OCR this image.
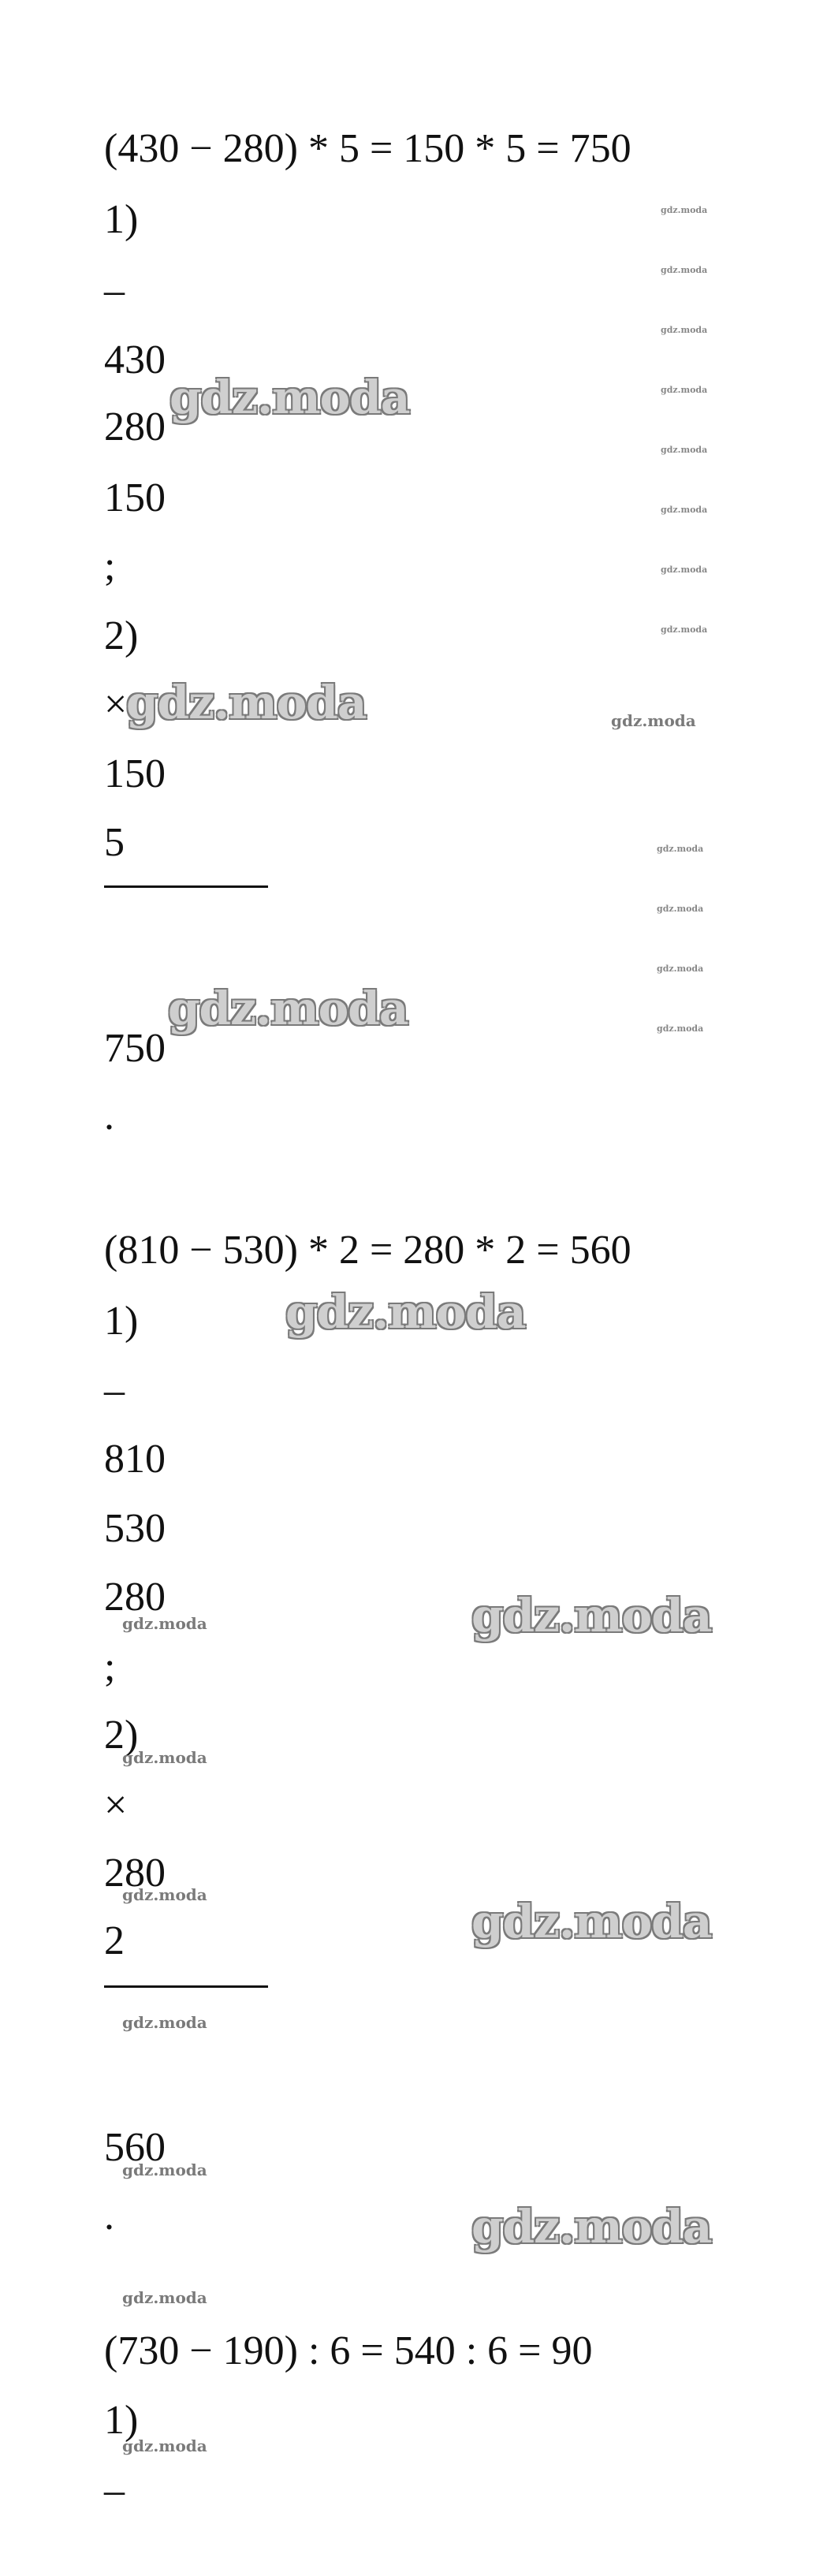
(430 − 280) * 5 = 150 * 5 = 750
1)
–
430
280
150
;
2)
×
150
5
750
.
(810 − 530) * 2 = 280 * 2 = 560
1)
–
810
530
280
;
2)
×
280
2
560
.
(730 − 190) : 6 = 540 : 6 = 90
1)
–
gdz.moda
gdz.moda
gdz.moda
gdz.moda
gdz.moda
gdz.moda
gdz.moda
gdz.moda
gdz.moda
gdz.moda
gdz.moda
gdz.moda
gdz.moda
gdz.moda
gdz.moda
gdz.moda
gdz.moda
gdz.moda
gdz.moda
gdz.moda
gdz.moda
gdz.moda
gdz.moda
gdz.moda
gdz.moda
gdz.moda
gdz.moda
